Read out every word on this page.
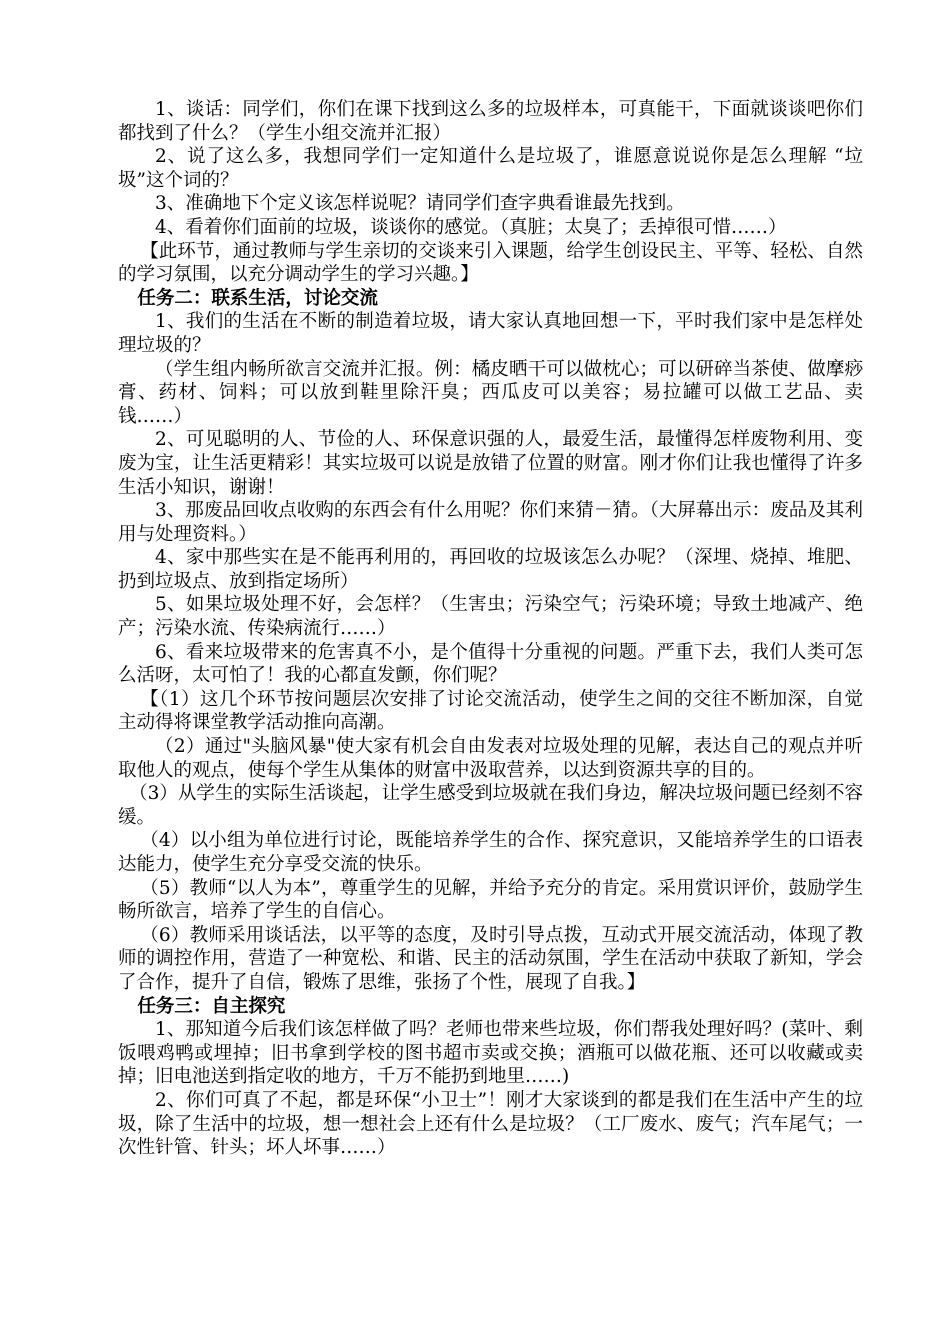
1、谈话：同学们，你们在课下找到这么多的垃圾样本，可真能干，下面就谈谈吧你们都找到了什么？（学生小组交流并汇报）

2、说了这么多，我想同学们一定知道什么是垃圾了，谁愿意说说你是怎么理解 “垃圾”这个词的？

3、准确地下个定义该怎样说呢？请同学们查字典看谁最先找到。

4、看着你们面前的垃圾，谈谈你的感觉。（真脏；太臭了；丢掉很可惜……）

【此环节，通过教师与学生亲切的交谈来引入课题，给学生创设民主、平等、轻松、自然的学习氛围，以充分调动学生的学习兴趣。】

任务二：联系生活，讨论交流

1、我们的生活在不断的制造着垃圾，请大家认真地回想一下，平时我们家中是怎样处理垃圾的？

（学生组内畅所欲言交流并汇报。例：橘皮晒干可以做枕心；可以研碎当茶使、做摩痧膏、药材、饲料；可以放到鞋里除汗臭；西瓜皮可以美容；易拉罐可以做工艺品、卖钱……）

2、可见聪明的人、节俭的人、环保意识强的人，最爱生活，最懂得怎样废物利用、变废为宝，让生活更精彩！其实垃圾可以说是放错了位置的财富。刚才你们让我也懂得了许多生活小知识，谢谢！

3、那废品回收点收购的东西会有什么用呢？你们来猜－猜。（大屏幕出示：废品及其利用与处理资料。）

4、家中那些实在是不能再利用的，再回收的垃圾该怎么办呢？（深埋、烧掉、堆肥、扔到垃圾点、放到指定场所）

5、如果垃圾处理不好，会怎样？（生害虫；污染空气；污染环境；导致土地减产、绝产；污染水流、传染病流行……）

6、看来垃圾带来的危害真不小，是个值得十分重视的问题。严重下去，我们人类可怎么活呀，太可怕了！我的心都直发颤，你们呢？

【（1）这几个环节按问题层次安排了讨论交流活动，使学生之间的交往不断加深，自觉主动得将课堂教学活动推向高潮。

（2）通过"头脑风暴"使大家有机会自由发表对垃圾处理的见解，表达自己的观点并听取他人的观点，使每个学生从集体的财富中汲取营养，以达到资源共享的目的。

（3）从学生的实际生活谈起，让学生感受到垃圾就在我们身边，解决垃圾问题已经刻不容缓。

（4）以小组为单位进行讨论，既能培养学生的合作、探究意识，又能培养学生的口语表达能力，使学生充分享受交流的快乐。

（5）教师“以人为本”，尊重学生的见解，并给予充分的肯定。采用赏识评价，鼓励学生畅所欲言，培养了学生的自信心。

（6）教师采用谈话法，以平等的态度，及时引导点拨，互动式开展交流活动，体现了教师的调控作用，营造了一种宽松、和谐、民主的活动氛围，学生在活动中获取了新知，学会了合作，提升了自信，锻炼了思维，张扬了个性，展现了自我。】

任务三：自主探究

1、那知道今后我们该怎样做了吗？老师也带来些垃圾，你们帮我处理好吗？(菜叶、剩饭喂鸡鸭或埋掉；旧书拿到学校的图书超市卖或交换；酒瓶可以做花瓶、还可以收藏或卖掉；旧电池送到指定收的地方，千万不能扔到地里……)

2、你们可真了不起，都是环保“小卫士”！刚才大家谈到的都是我们在生活中产生的垃圾，除了生活中的垃圾，想一想社会上还有什么是垃圾？（工厂废水、废气；汽车尾气；一次性针管、针头；坏人坏事……）
